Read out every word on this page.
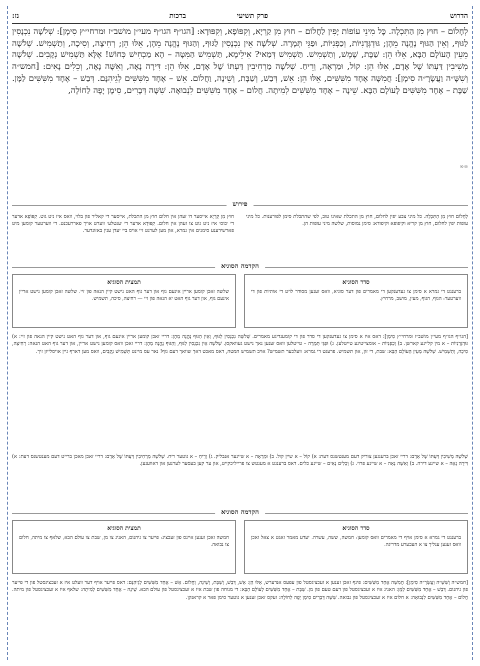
הדרוש
פרק תשיעי
ברכות
נז:
לְחָלוֹם – חוּץ מִן הַתִּכְלָה. כׇּל מִינֵי עוֹפוֹת יָפִין לַחֲלוֹם – חוּץ מִן קַרְיָא, וְקִפּוֹפָא, וְקִפּוּדָא: [הגו״ף הגו״ף מעי״ן מושׁב״ז וּמרחי״ץ סִימָן]: שְׁלֹשָׁה נִכְנָסִין לַגּוּף, וְאֵין הַגּוּף נֶהֱנֶה מֵהֶן; גּוּדְגְּדָנִיּוֹת, וְכַפְנִיּוֹת, וּפַגֵּי תְּמָרָה. שְׁלֹשָׁה אֵין נִכְנָסִין לַגּוּף, וְהַגּוּף נֶהֱנֶה מֵהֶן, אֵלּוּ הֵן; רְחִיצָה, וְסִיכָה, וְתַשְׁמִישׁ. שְׁלֹשָׁה מֵעֵין הָעוֹלָם הַבָּא, אֵלּוּ הֵן: שַׁבָּת, שֶׁמֶשׁ, וְתַשְׁמִישׁ. תַּשְׁמִישׁ דְּמַאי? אִילֵימָא, תַּשְׁמִישׁ הַמִּטָּה – הָא מַכְחִישׁ כְּחוֹשׁ! אֶלָּא תַּשְׁמִישׁ נְקָבִים. שְׁלֹשָׁה מְשִׁיבִין דַּעְתּוֹ שֶׁל אָדָם, אֵלּוּ הֵן: קוֹל, וּמַרְאֶה, וְרֵיחַ. שְׁלֹשָׁה מַרְחִיבִין דַּעְתּוֹ שֶׁל אָדָם, אֵלּוּ הֵן: דִּירָה נָאָה, וְאִשָּׁה נָאָה, וְכֵלִים נָאִים: [חמש״ה וְשִׁשָּׁ״ה וַעֲשָׂרָ״ה סִימָן]: חֲמִשָּׁה אֶחָד מִשִּׁשִּׁים, אֵלּוּ הֵן: אֵשׁ, דְּבַשׁ, וְשַׁבָּת, וְשֵׁינָה, וַחֲלוֹם. אֵשׁ – אֶחָד מִשִּׁשִּׁים לְגֵיהִנָּם. דְּבַשׁ – אֶחָד מִשִּׁשִּׁים לַמָּן. שַׁבָּת – אֶחָד מִשִּׁשִּׁים לָעוֹלָם הַבָּא. שֵׁינָה – אֶחָד מִשִּׁשִּׁים לְמִיתָה. חֲלוֹם – אֶחָד מִשִּׁשִּׁים לִנְבוּאָה. שִׁשָּׁה דְּבָרִים, סִימָן יָפֶה לַחוֹלֶה,
∞∞
פירוש
לְחָלוֹם חוּץ מִן הַתִּכְלָה. כל מיני צבע יפין לחלום, חוץ מן התכלת שאינו טוב, לפי שהתכלת סימן לפורענות. כל מיני עופות יפין לחלום, חוץ מן קריא וקיפופא וקיפודא: סימן נמוסות, שלשה מיני עופות הן.
חוּץ מִן קַרְיָא אייסער דו זעהן אין חלום חוץ מן התכלת, אייסער די קאליר פון בלוי, וואס איז ניט גוט. קִפּוֹפָא אדער די ׳כוס׳ איז ניט גוט צו זעהן אין חלום. קִפּוּדָא אדער די ׳ענטלע׳ ווערט אויך פאררעכנט. די ווערטער קומען מיט פארשידענע סימנים אין גמרא, און מען לערנט זיי אויס ביי יעדן ענין באזונדער.
הקדמה הסוגיא
סדר הסוגיא
ברענגט די גמרא א סימן צו געדענקען די מאמרים פון דער סוגיא, וואס זענען מסודר לויט די אותיות פון די ווערטער: הגוף, הגוף, מעין, מושב, מרחיץ.
תמצית הסוגיא
שלשה זאכן קומען אריין אינעם גוף און דער גוף האט נישט קיין הנאה פון זיי. שלשה זאכן קומען נישט אריין אינעם גוף, און דער גוף האט יא הנאה פון זיי — רחיצה, סיכה, תשמיש.
[הגו״ף הגו״ף מעי״ן מושׁב״ז וּמרחי״ץ סִימָן]: דאס איז א סימן צו געדענקען די סדר פון די קומענדיגע מאמרים. שְׁלֹשָׁה נִכְנָסִין לַגּוּף, וְאֵין הַגּוּף נֶהֱנֶה מֵהֶן: דריי זאכן קומען אריין אינעם גוף, און דער גוף האט נישט קיין הנאה פון זיי: א) גּוּדְגְּדָנִיּוֹת – א מין קליינע קארשן. ב) וְכַפְנִיּוֹת – אומצייטיגע טייטלען. ג) וּפַגֵּי תְּמָרָה – טייטלען וואס זענען נאך נישט געוואקסן. שְׁלֹשָׁה אֵין נִכְנָסִין לַגּוּף, וְהַגּוּף נֶהֱנֶה מֵהֶן: דריי זאכן וואס קומען נישט אריין, און דער גוף האט הנאה: רְחִיצָה, סִיכָה, וְתַשְׁמִישׁ. שְׁלֹשָׁה מֵעֵין הָעוֹלָם הַבָּא: שבת, די זון, און תשמיש. פרעגט די גמרא: וועלכער תשמיש? אויב תשמיש המטה, דאס מאכט דאך שוואך דעם גוף! נאר עס מיינט תַּשְׁמִישׁ נְקָבִים, וואס מען דארף גיין אויסלייזן זיך.
שְׁלֹשָׁה מְשִׁיבִין דַּעְתּוֹ שֶׁל אָדָם: דריי זאכן ברענגען צוריק דעם מענטשנס דעת: א) קוֹל – א שיין קול. ב) וּמַרְאֶה – א שיינער אנבליק. ג) וְרֵיחַ – א גוטער ריח. שְׁלֹשָׁה מַרְחִיבִין דַּעְתּוֹ שֶׁל אָדָם: דריי זאכן מאכן ברייט דעם מענטשנס דעת: א) דִּירָה נָאָה – א שיינע דירה. ב) וְאִשָּׁה נָאָה – א שיינע פרוי. ג) וְכֵלִים נָאִים – שיינע כלים. דאס ברענגט א מענטש צו פרייליכקייט, און ער קען בעסער לערנען און דאווענען.
הקדמה הסוגיא
סדר הסוגיא
ברענגט די גמרא א סימן אויף די מאמרים וואס קומען: חמשה, ששה, עשרה. יעדע מאמר זאגט א צאל זאכן וואס זענען ענליך צו א העכערע מדריגה.
תמצית הסוגיא
חמשה זאכן זענען איינס פון זעכציג: פייער צו גיהנום, האניג צו מן, שבת צו עולם הבא, שלאף צו מיתה, חלום צו נבואה.
[חמש״ה וְשִׁשָּׁ״ה וַעֲשָׂרָ״ה סִימָן]: חֲמִשָּׁה אֶחָד מִשִּׁשִּׁים: פינף זאכן זענען א זעכציגסטל פון עפעס אנדערש, אֵלּוּ הֵן: אֵשׁ, דְּבַשׁ, וְשַׁבָּת, וְשֵׁינָה, וַחֲלוֹם. אֵשׁ – אֶחָד מִשִּׁשִּׁים לְגֵיהִנָּם: דאס פייער אויף דער וועלט איז א זעכציגסטל פון די פייער פון גיהנום. דְּבַשׁ – אֶחָד מִשִּׁשִּׁים לַמָּן: האניג איז א זעכציגסטל פון דעם טעם פון מן. שַׁבָּת – אֶחָד מִשִּׁשִּׁים לָעוֹלָם הַבָּא: די מנוחה פון שבת איז א זעכציגסטל פון עולם הבא. שֵׁינָה – אֶחָד מִשִּׁשִּׁים לְמִיתָה: שלאף איז א זעכציגסטל פון מיתה. חֲלוֹם – אֶחָד מִשִּׁשִּׁים לִנְבוּאָה: א חלום איז א זעכציגסטל פון נבואה. שִׁשָּׁה דְּבָרִים סִימָן יָפֶה לַחוֹלֶה: זעקס זאכן זענען א גוטער סימן פאר א קראנקן.
